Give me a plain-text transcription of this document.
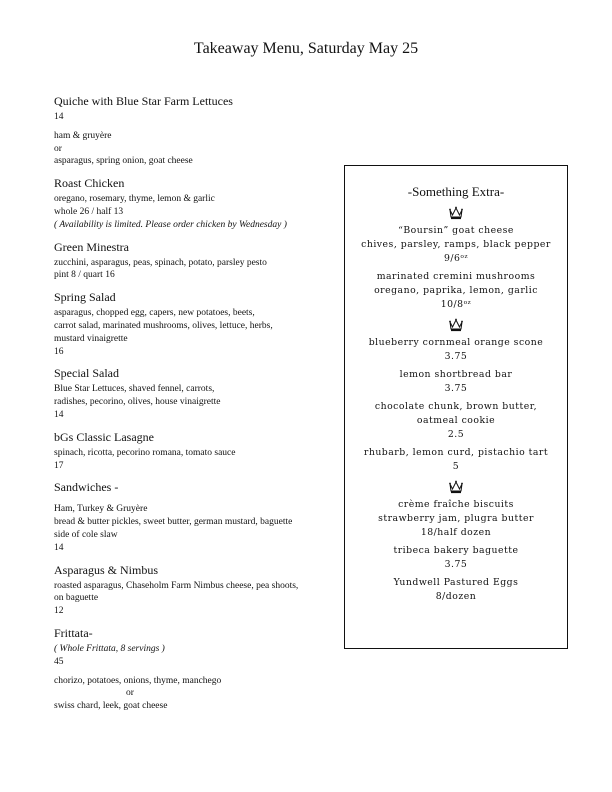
Takeaway Menu, Saturday May 25
Quiche with Blue Star Farm Lettuces
14
ham & gruyère
or
asparagus, spring onion, goat cheese
Roast Chicken
oregano, rosemary, thyme, lemon & garlic
whole 26 / half 13
( Availability is limited. Please order chicken by Wednesday )
Green Minestra
zucchini, asparagus, peas, spinach, potato, parsley pesto
pint 8 / quart 16
Spring Salad
asparagus, chopped egg, capers, new potatoes, beets,
carrot salad, marinated mushrooms, olives, lettuce, herbs,
mustard vinaigrette
16
Special Salad
Blue Star Lettuces, shaved fennel, carrots,
radishes, pecorino, olives, house vinaigrette
14
bGs Classic Lasagne
spinach, ricotta, pecorino romana, tomato sauce
17
Sandwiches -
Ham, Turkey & Gruyère
bread & butter pickles, sweet butter, german mustard, baguette
side of cole slaw
14
Asparagus & Nimbus
roasted asparagus, Chaseholm Farm Nimbus cheese, pea shoots,
on baguette
12
Frittata-
( Whole Frittata, 8 servings )
45
chorizo, potatoes, onions, thyme, manchego
or
swiss chard, leek, goat cheese
-Something Extra-
“Boursin” goat cheese
chives, parsley, ramps, black pepper
9/6ᵒᶻ
marinated cremini mushrooms
oregano, paprika, lemon, garlic
10/8ᵒᶻ
blueberry cornmeal orange scone
3.75
lemon shortbread bar
3.75
chocolate chunk, brown butter,
oatmeal cookie
2.5
rhubarb, lemon curd, pistachio tart
5
crème fraîche biscuits
strawberry jam, plugra butter
18/half dozen
tribeca bakery baguette
3.75
Yundwell Pastured Eggs
8/dozen
